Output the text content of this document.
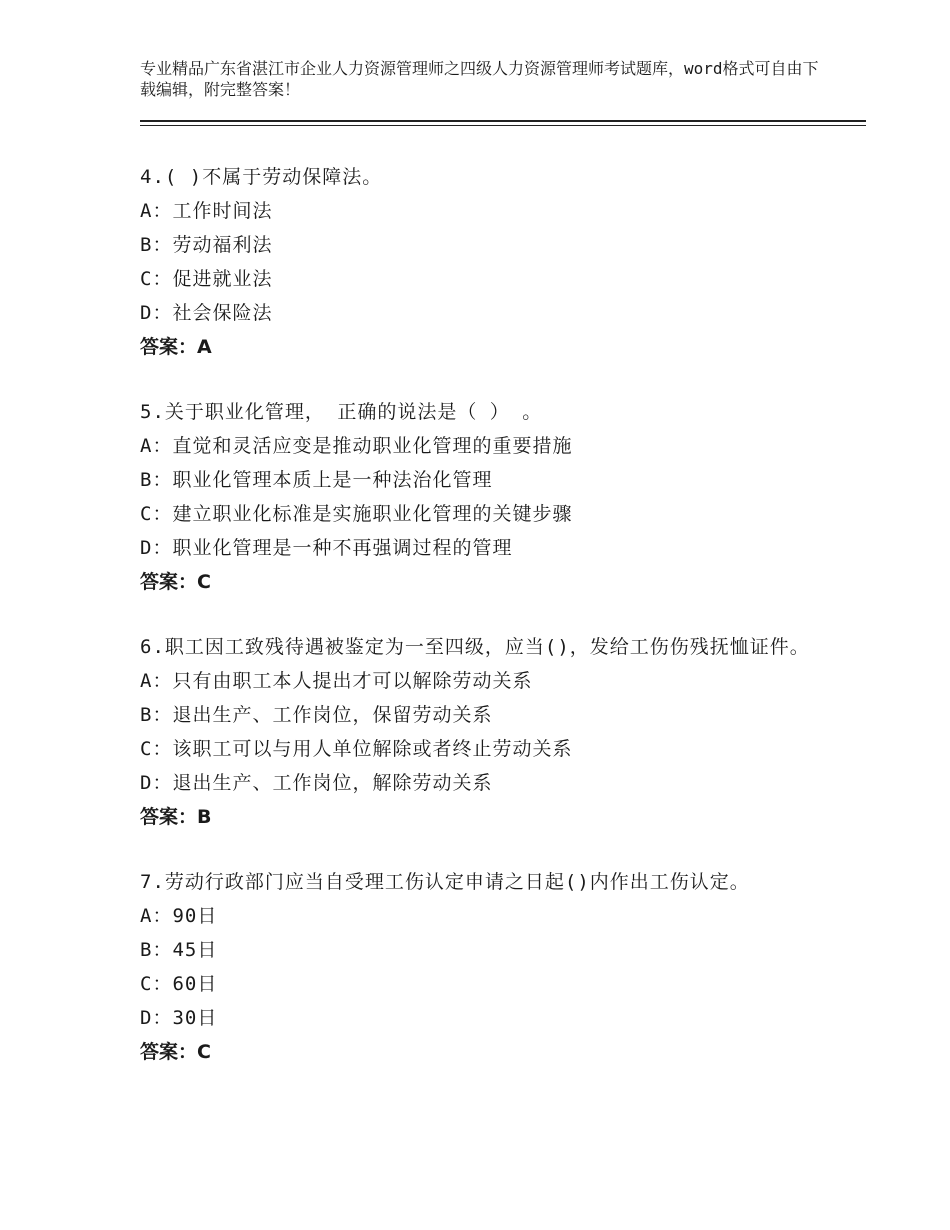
专业精品广东省湛江市企业人力资源管理师之四级人力资源管理师考试题库，word格式可自由下载编辑，附完整答案！
4.( )不属于劳动保障法。
A：工作时间法
B：劳动福利法
C：促进就业法
D：社会保险法
答案：A
5.关于职业化管理， 正确的说法是（ ） 。
A：直觉和灵活应变是推动职业化管理的重要措施
B：职业化管理本质上是一种法治化管理
C：建立职业化标准是实施职业化管理的关键步骤
D：职业化管理是一种不再强调过程的管理
答案：C
6.职工因工致残待遇被鉴定为一至四级，应当()，发给工伤伤残抚恤证件。
A：只有由职工本人提出才可以解除劳动关系
B：退出生产、工作岗位，保留劳动关系
C：该职工可以与用人单位解除或者终止劳动关系
D：退出生产、工作岗位，解除劳动关系
答案：B
7.劳动行政部门应当自受理工伤认定申请之日起()内作出工伤认定。
A：90日
B：45日
C：60日
D：30日
答案：C
